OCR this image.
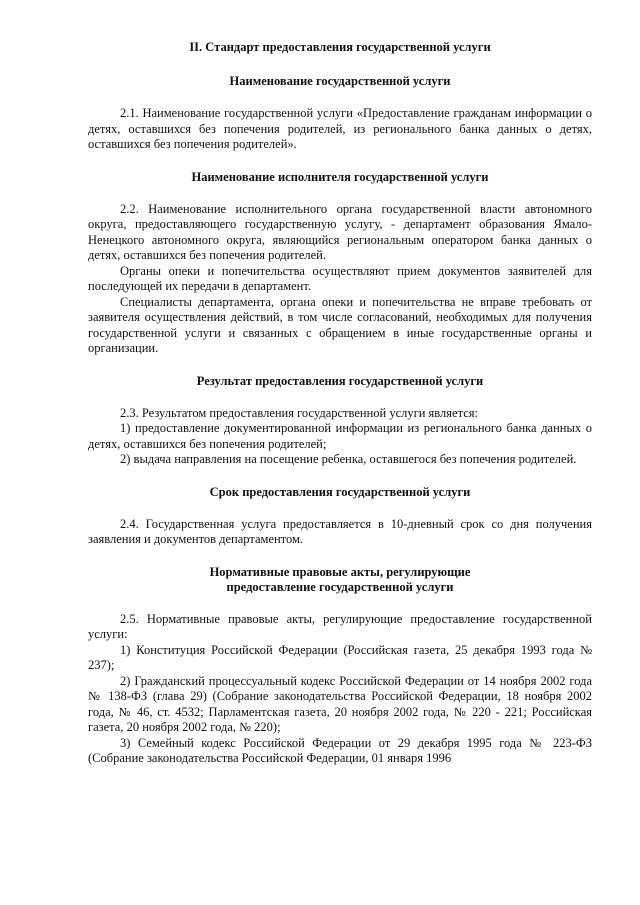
II. Стандарт предоставления государственной услуги

Наименование государственной услуги

2.1. Наименование государственной услуги «Предоставление гражданам информации о детях, оставшихся без попечения родителей, из регионального банка данных о детях, оставшихся без попечения родителей».

Наименование исполнителя государственной услуги

2.2. Наименование исполнительного органа государственной власти автономного округа, предоставляющего государственную услугу, - департамент образования Ямало-Ненецкого автономного округа, являющийся региональным оператором банка данных о детях, оставшихся без попечения родителей.

Органы опеки и попечительства осуществляют прием документов заявителей для последующей их передачи в департамент.

Специалисты департамента, органа опеки и попечительства не вправе требовать от заявителя осуществления действий, в том числе согласований, необходимых для получения государственной услуги и связанных с обращением в иные государственные органы и организации.

Результат предоставления государственной услуги

2.3. Результатом предоставления государственной услуги является:

1) предоставление документированной информации из регионального банка данных о детях, оставшихся без попечения родителей;

2) выдача направления на посещение ребенка, оставшегося без попечения родителей.

Срок предоставления государственной услуги

2.4. Государственная услуга предоставляется в 10-дневный срок со дня получения заявления и документов департаментом.

Нормативные правовые акты, регулирующие

предоставление государственной услуги

2.5. Нормативные правовые акты, регулирующие предоставление государственной услуги:

1) Конституция Российской Федерации (Российская газета, 25 декабря 1993 года № 237);

2) Гражданский процессуальный кодекс Российской Федерации от 14 ноября 2002 года № 138-ФЗ (глава 29) (Собрание законодательства Российской Федерации, 18 ноября 2002 года, № 46, ст. 4532; Парламентская газета, 20 ноября 2002 года, № 220 - 221; Российская газета, 20 ноября 2002 года, № 220);

3) Семейный кодекс Российской Федерации от 29 декабря 1995 года № 223-ФЗ (Собрание законодательства Российской Федерации, 01 января 1996
